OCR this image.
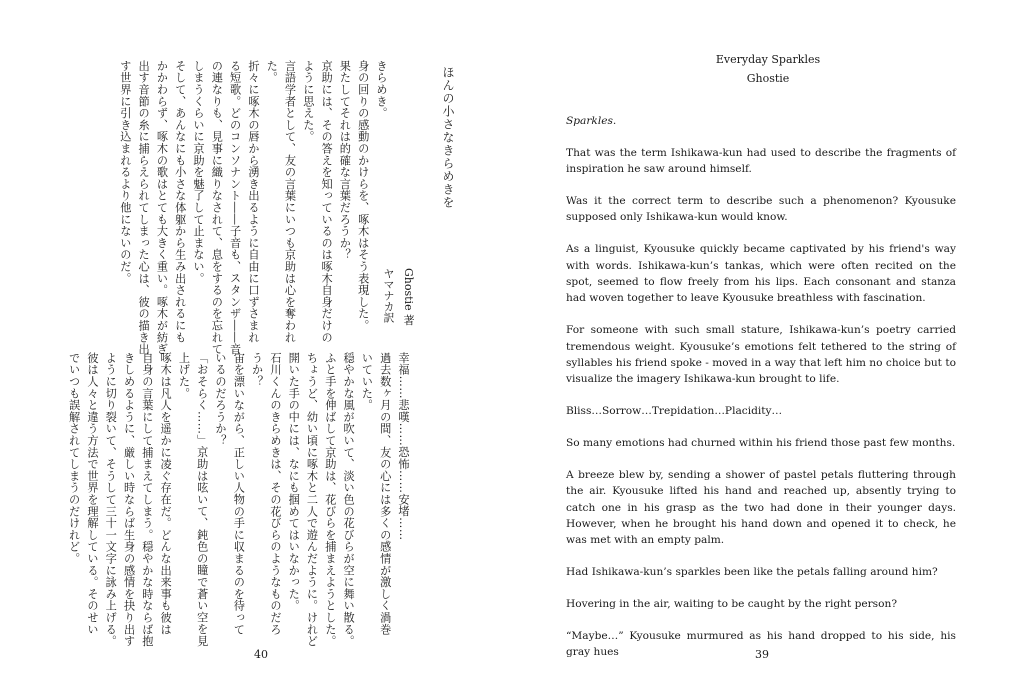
ほんの小さなきらめきを
Ghostie 著
ヤマナカ訳
きらめき。
身の回りの感動のかけらを、啄木はそう表現した。
果たしてそれは的確な言葉だろうか？
京助には、その答えを知っているのは啄木自身だけの
ように思えた。
言語学者として、友の言葉にいつも京助は心を奪われ
た。
折々に啄木の唇から湧き出るように自由に口ずさまれ
る短歌。どのコンソナント――子音も、スタンザ――音
の連なりも、見事に織りなされて、息をするのを忘れて
しまうくらいに京助を魅了して止まない。
そして、あんなにも小さな体躯から生み出されるにも
かかわらず、啄木の歌はとても大きく重い。啄木が紡ぎ
出す音節の糸に捕らえられてしまった心は、彼の描き出
す世界に引き込まれるより他にないのだ。
幸福……悲嘆……恐怖……安堵……
過去数ヶ月の間、友の心には多くの感情が激しく渦巻
いていた。
穏やかな風が吹いて、淡い色の花びらが空に舞い散る。
ふと手を伸ばして京助は、花びらを捕まえようとした。
ちょうど、幼い頃に啄木と二人で遊んだように。けれど
開いた手の中には、なにも掴めてはいなかった。
石川くんのきらめきは、その花びらのようなものだろ
うか？
宙を漂いながら、正しい人物の手に収まるのを待って
いるのだろうか？
「おそらく……」京助は呟いて、鈍色の瞳で蒼い空を見
上げた。
啄木は凡人を遥かに凌ぐ存在だ。どんな出来事も彼は
自身の言葉にして捕まえてしまう。穏やかな時ならば抱
きしめるように、厳しい時ならば生身の感情を抉り出す
ように切り裂いて、そうして三十一文字に詠み上げる。
彼は人々と違う方法で世界を理解している。そのせい
でいつも誤解されてしまうのだけれど。
40
Everyday Sparkles
Ghostie

Sparkles.

That was the term Ishikawa-kun had used to describe the fragments of inspiration he saw around himself.

Was it the correct term to describe such a phenomenon? Kyousuke supposed only Ishikawa-kun would know.

As a linguist, Kyousuke quickly became captivated by his friend's way with words. Ishikawa-kun’s tankas, which were often recited on the spot, seemed to flow freely from his lips. Each consonant and stanza had woven together to leave Kyousuke breathless with fascination.

For someone with such small stature, Ishikawa-kun’s poetry carried tremendous weight. Kyousuke’s emotions felt tethered to the string of syllables his friend spoke - moved in a way that left him no choice but to visualize the imagery Ishikawa-kun brought to life.

Bliss…Sorrow…Trepidation…Placidity…

So many emotions had churned within his friend those past few months.

A breeze blew by, sending a shower of pastel petals fluttering through the air. Kyousuke lifted his hand and reached up, absently trying to catch one in his grasp as the two had done in their younger days. However, when he brought his hand down and opened it to check, he was met with an empty palm.

Had Ishikawa-kun’s sparkles been like the petals falling around him?

Hovering in the air, waiting to be caught by the right person?

“Maybe…” Kyousuke murmured as his hand dropped to his side, his gray hues	39
